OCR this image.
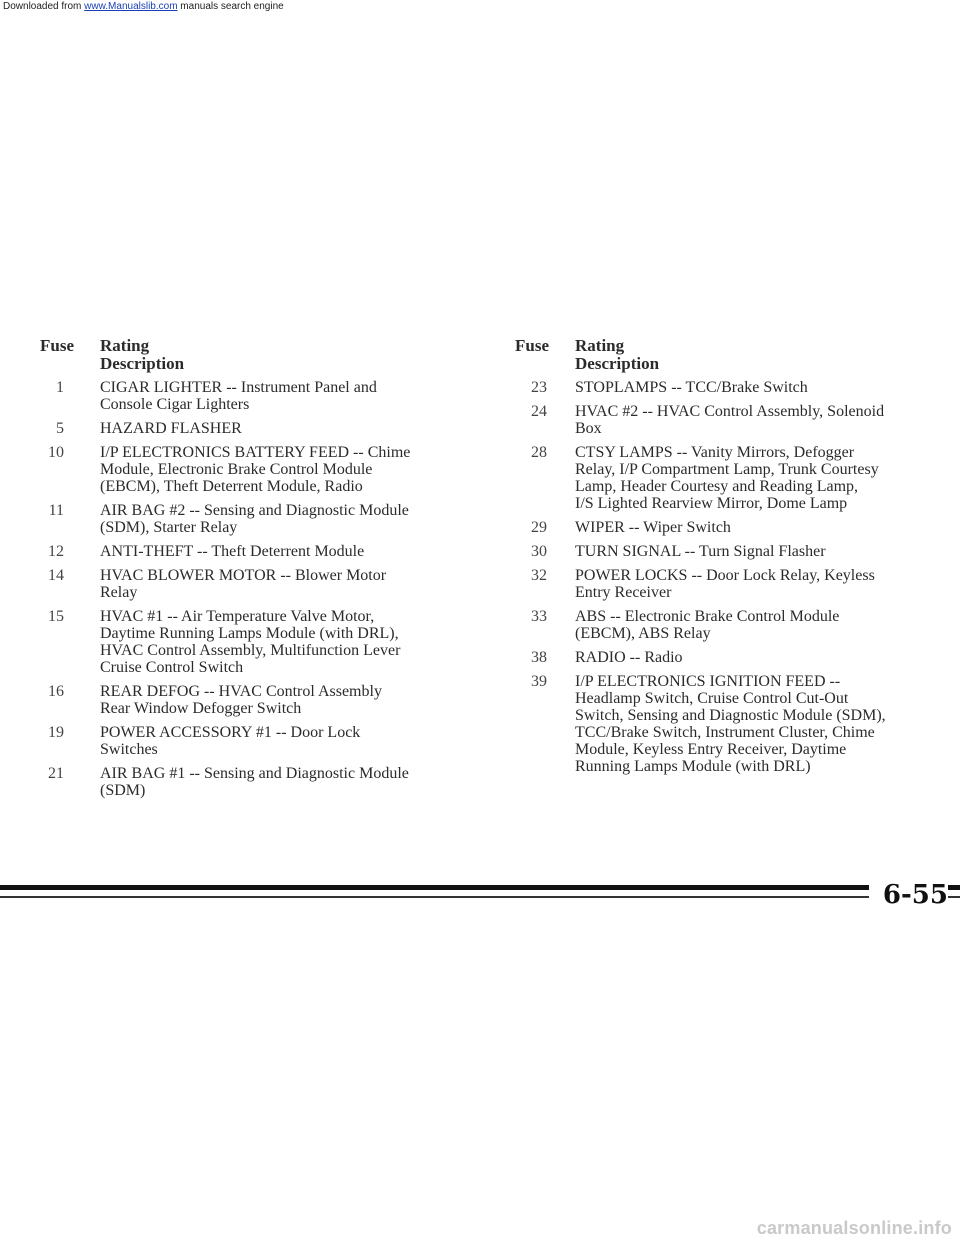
Downloaded from www.Manualslib.com manuals search engine
Fuse	Rating
Description
1	CIGAR LIGHTER -- Instrument Panel and
Console Cigar Lighters
5	HAZARD FLASHER
10	I/P ELECTRONICS BATTERY FEED -- Chime
Module, Electronic Brake Control Module
(EBCM), Theft Deterrent Module, Radio
11	AIR BAG #2 -- Sensing and Diagnostic Module
(SDM), Starter Relay
12	ANTI-THEFT -- Theft Deterrent Module
14	HVAC BLOWER MOTOR -- Blower Motor
Relay
15	HVAC #1 -- Air Temperature Valve Motor,
Daytime Running Lamps Module (with DRL),
HVAC Control Assembly, Multifunction Lever
Cruise Control Switch
16	REAR DEFOG -- HVAC Control Assembly
Rear Window Defogger Switch
19	POWER ACCESSORY #1 -- Door Lock
Switches
21	AIR BAG #1 -- Sensing and Diagnostic Module
(SDM)
Fuse	Rating
Description
23	STOPLAMPS -- TCC/Brake Switch
24	HVAC #2 -- HVAC Control Assembly, Solenoid
Box
28	CTSY LAMPS -- Vanity Mirrors, Defogger
Relay, I/P Compartment Lamp, Trunk Courtesy
Lamp, Header Courtesy and Reading Lamp,
I/S Lighted Rearview Mirror, Dome Lamp
29	WIPER -- Wiper Switch
30	TURN SIGNAL -- Turn Signal Flasher
32	POWER LOCKS -- Door Lock Relay, Keyless
Entry Receiver
33	ABS -- Electronic Brake Control Module
(EBCM), ABS Relay
38	RADIO -- Radio
39	I/P ELECTRONICS IGNITION FEED --
Headlamp Switch, Cruise Control Cut-Out
Switch, Sensing and Diagnostic Module (SDM),
TCC/Brake Switch, Instrument Cluster, Chime
Module, Keyless Entry Receiver, Daytime
Running Lamps Module (with DRL)
6-55
carmanualsonline.info
